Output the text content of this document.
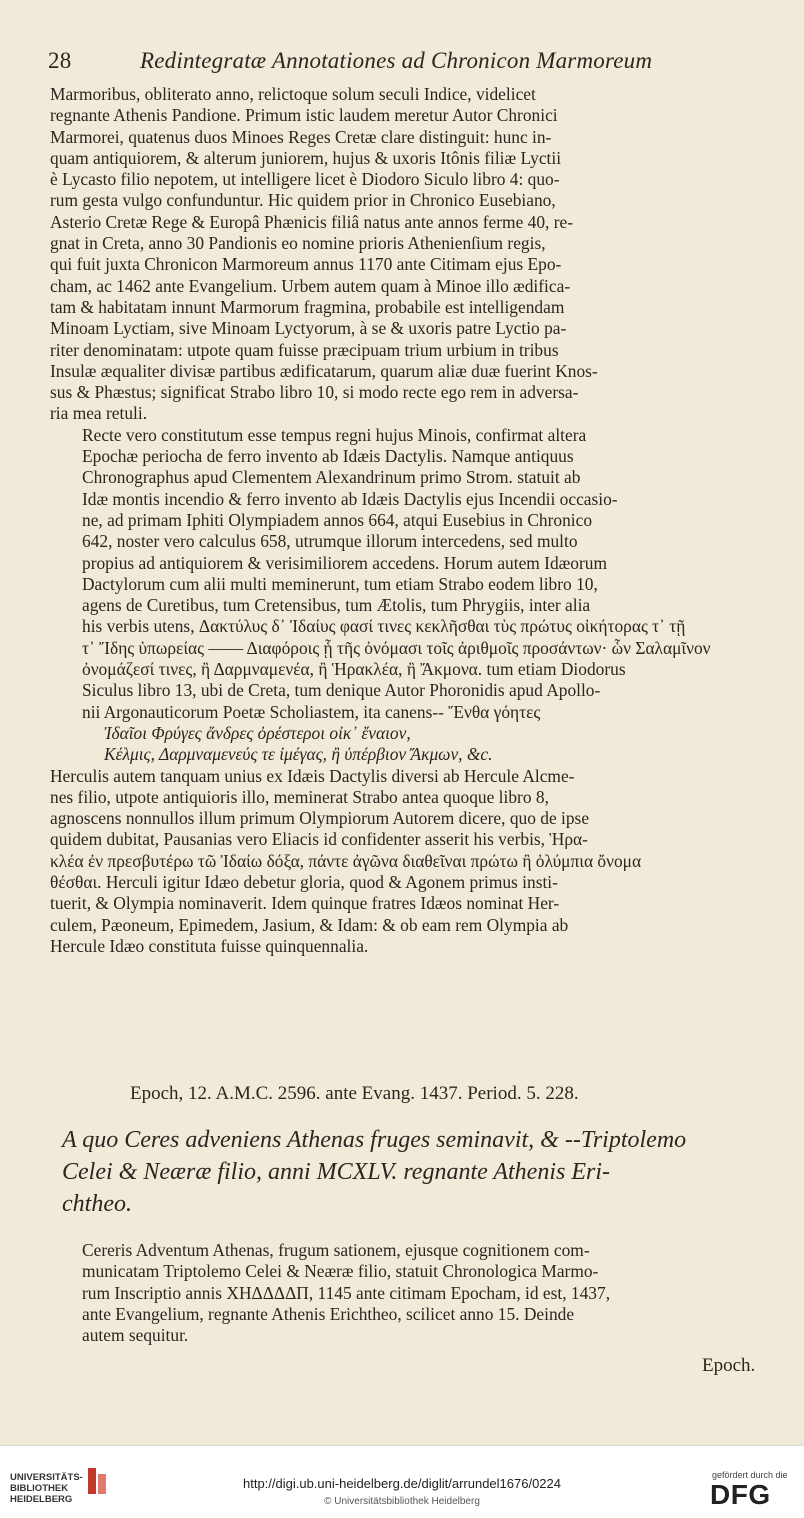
28	Redintegratæ Annotationes ad Chronicon Marmoreum

Marmoribus, obliterato anno, relictoque solum seculi Indice, videlicet
regnante Athenis Pandione. Primum istic laudem meretur Autor Chronici
Marmorei, quatenus duos Minoes Reges Cretæ clare distinguit: hunc in-
quam antiquiorem, & alterum juniorem, hujus & uxoris Itônis filiæ Lyctii
è Lycasto filio nepotem, ut intelligere licet è Diodoro Siculo libro 4: quo-
rum gesta vulgo confunduntur. Hic quidem prior in Chronico Eusebiano,
Asterio Cretæ Rege & Europâ Phænicis filiâ natus ante annos ferme 40, re-
gnat in Creta, anno 30 Pandionis eo nomine prioris Athenienſium regis,
qui fuit juxta Chronicon Marmoreum annus 1170 ante Citimam ejus Epo-
cham, ac 1462 ante Evangelium. Urbem autem quam à Minoe illo ædifica-
tam & habitatam innunt Marmorum fragmina, probabile est intelligendam
Minoam Lyctiam, sive Minoam Lyctyorum, à se & uxoris patre Lyctio pa-
riter denominatam: utpote quam fuisse præcipuam trium urbium in tribus
Insulæ æqualiter divisæ partibus ædificatarum, quarum aliæ duæ fuerint Knos-
sus & Phæstus; significat Strabo libro 10, si modo recte ego rem in adversa-
ria mea retuli.

Recte vero constitutum esse tempus regni hujus Minois, confirmat altera
Epochæ periocha de ferro invento ab Idæis Dactylis. Namque antiquus
Chronographus apud Clementem Alexandrinum primo Strom. statuit ab
Idæ montis incendio & ferro invento ab Idæis Dactylis ejus Incendii occasio-
ne, ad primam Iphiti Olympiadem annos 664, atqui Eusebius in Chronico
642, noster vero calculus 658, utrumque illorum intercedens, sed multo
propius ad antiquiorem & verisimiliorem accedens. Horum autem Idæorum
Dactylorum cum alii multi meminerunt, tum etiam Strabo eodem libro 10,
agens de Curetibus, tum Cretensibus, tum Ætolis, tum Phrygiis, inter alia
his verbis utens, Δακτύλυς δ᾽ Ἰδαίυς φασί τινες κεκλῆσθαι τὺς πρώτυς οἰκήτορας τ᾽ τῇ
τ᾽ Ἴδης ὑπωρείας —— Διαφόροις ᾗ τῆς ὀνόμασι τοῖς ἀριθμοῖς προσάντων· ὧν Σαλαμῖνον
ὀνομάζεσί τινες, ἢ Δαρμναμενέα, ἢ Ἡρακλέα, ἢ Ἄκμονα. tum etiam Diodorus
Siculus libro 13, ubi de Creta, tum denique Autor Phoronidis apud Apollo-
nii Argonauticorum Poetæ Scholiastem, ita canens-- Ἔνθα γόητες

Ἰδαῖοι Φρύγες ἄνδρες ὀρέστεροι οἰκ᾽ ἔναιον,
Κέλμις, Δαρμναμενεύς τε ἰμέγας, ἢ ὑπέρβιον Ἄκμων, &c.

Herculis autem tanquam unius ex Idæis Dactylis diversi ab Hercule Alcme-
nes filio, utpote antiquioris illo, meminerat Strabo antea quoque libro 8,
agnoscens nonnullos illum primum Olympiorum Autorem dicere, quo de ipse
quidem dubitat, Pausanias vero Eliacis id confidenter asserit his verbis, Ἡρα-
κλέα ἐν πρεσβυτέρω τῶ Ἰδαίω δόξα, πάντε ἀγῶνα διαθεῖναι πρώτω ἢ ὀλύμπια ὄνομα
θέσθαι. Herculi igitur Idæo debetur gloria, quod & Agonem primus insti-
tuerit, & Olympia nominaverit. Idem quinque fratres Idæos nominat Her-
culem, Pæoneum, Epimedem, Jasium, & Idam: & ob eam rem Olympia ab
Hercule Idæo constituta fuisse quinquennalia.

Epoch, 12. A.M.C. 2596. ante Evang. 1437. Period. 5. 228.
A quo Ceres adveniens Athenas fruges seminavit, & --Triptolemo
Celei & Neæræ filio, anni MCXLV. regnante Athenis Eri-
chtheo.

Cereris Adventum Athenas, frugum sationem, ejusque cognitionem com-
municatam Triptolemo Celei & Neæræ filio, statuit Chronologica Marmo-
rum Inscriptio annis XΗΔΔΔΔΠ, 1145 ante citimam Epocham, id est, 1437,
ante Evangelium, regnante Athenis Erichtheo, scilicet anno 15. Deinde
autem sequitur.

Epoch.
UNIVERSITÄTS-
BIBLIOTHEK
HEIDELBERG
http://digi.ub.uni-heidelberg.de/diglit/arrundel1676/0224
© Universitätsbibliothek Heidelberg
gefördert durch die
DFG
